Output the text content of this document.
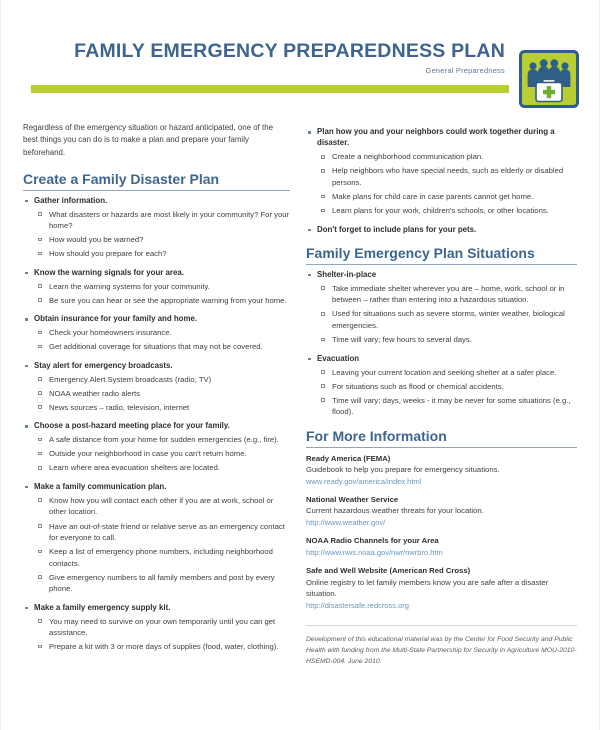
FAMILY EMERGENCY PREPAREDNESS PLAN
General Preparedness

Regardless of the emergency situation or hazard anticipated, one of the best things you can do is to make a plan and prepare your family beforehand.

Create a Family Disaster Plan
Gather information.
What disasters or hazards are most likely in your community? For your home?
How would you be warned?
How should you prepare for each?
Know the warning signals for your area.
Learn the warning systems for your community.
Be sure you can hear or see the appropriate warning from your home.
Obtain insurance for your family and home.
Check your homeowners insurance.
Get additional coverage for situations that may not be covered.
Stay alert for emergency broadcasts.
Emergency Alert System broadcasts (radio, TV)
NOAA weather radio alerts
News sources – radio, television, internet
Choose a post-hazard meeting place for your family.
A safe distance from your home for sudden emergencies (e.g., fire).
Outside your neighborhood in case you can't return home.
Learn where area evacuation shelters are located.
Make a family communication plan.
Know how you will contact each other if you are at work, school or other location.
Have an out-of-state friend or relative serve as an emergency contact for everyone to call.
Keep a list of emergency phone numbers, including neighborhood contacts.
Give emergency numbers to all family members and post by every phone.
Make a family emergency supply kit.
You may need to survive on your own temporarily until you can get assistance.
Prepare a kit with 3 or more days of supplies (food, water, clothing).
Plan how you and your neighbors could work together during a disaster.
Create a neighborhood communication plan.
Help neighbors who have special needs, such as elderly or disabled persons.
Make plans for child care in case parents cannot get home.
Learn plans for your work, children's schools, or other locations.
Don't forget to include plans for your pets.
Family Emergency Plan Situations
Shelter-in-place
Take immediate shelter wherever you are – home, work, school or in between – rather than entering into a hazardous situation.
Used for situations such as severe storms, winter weather, biological emergencies.
Time will vary; few hours to several days.
Evacuation
Leaving your current location and seeking shelter at a safer place.
For situations such as flood or chemical accidents.
Time will vary; days, weeks - it may be never for some situations (e.g., flood).
For More Information
Ready America (FEMA)
Guidebook to help you prepare for emergency situations.
www.ready.gov/america/index.html
National Weather Service
Current hazardous weather threats for your location.
http://www.weather.gov/
NOAA Radio Channels for your Area
http://www.nws.noaa.gov/nwr/nwrbro.htm
Safe and Well Website (American Red Cross)
Online registry to let family members know you are safe after a disaster situation.
http://disastersafe.redcross.org
Development of this educational material was by the Center for Food Security and Public Health with funding from the Multi-State Partnership for Security in Agriculture MOU-2010-HSEMD-004. June 2010.
